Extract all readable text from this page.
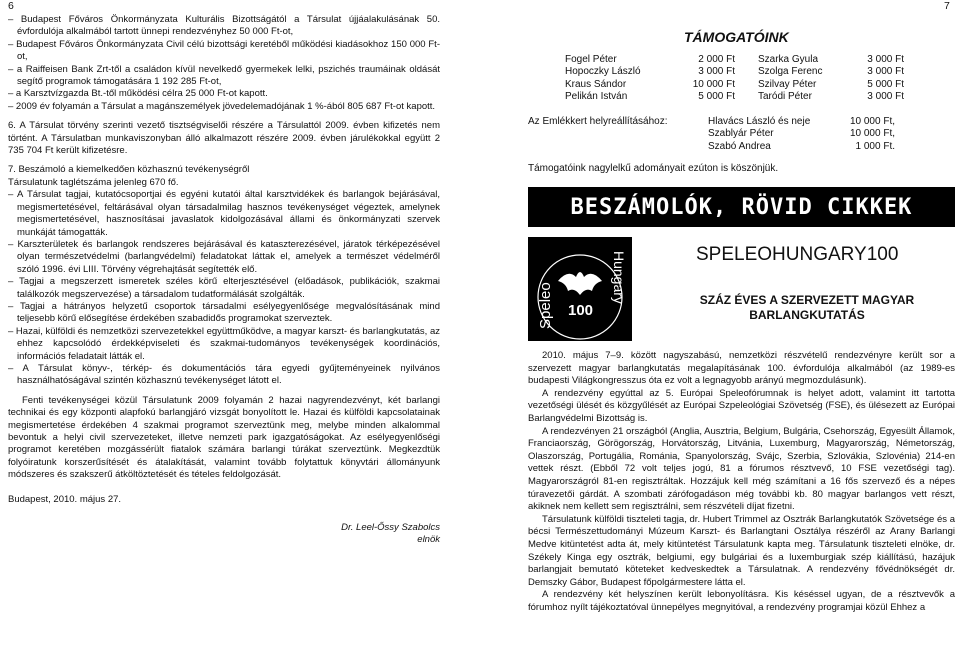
6

– Budapest Főváros Önkormányzata Kulturális Bizottságától a Társulat újjáalakulásának 50. évfordulója alkalmából tartott ünnepi rendezvényhez 50 000 Ft-ot,

– Budapest Főváros Önkormányzata Civil célú bizottsági keretéből működési kiadásokhoz 150 000 Ft-ot,

– a Raiffeisen Bank Zrt-től a családon kívül nevelkedő gyermekek lelki, pszichés traumáinak oldását segítő programok támogatására 1 192 285 Ft-ot,

– a Karsztvízgazda Bt.-től működési célra 25 000 Ft-ot kapott.

– 2009 év folyamán a Társulat a magánszemélyek jövedelemadójának 1 %-ából 805 687 Ft-ot kapott.

6. A Társulat törvény szerinti vezető tisztségviselői részére a Társulattól 2009. évben kifizetés nem történt. A Társulatban munkaviszonyban álló alkalmazott részére 2009. évben járulékokkal együtt 2 735 704 Ft került kifizetésre.

7. Beszámoló a kiemelkedően közhasznú tevékenységről

Társulatunk taglétszáma jelenleg 670 fő.

– A Társulat tagjai, kutatócsoportjai és egyéni kutatói által karsztvidékek és barlangok bejárásával, megismertetésével, feltárásával olyan társadalmilag hasznos tevékenységet végeztek, amelynek megismertetésével, hasznosításai javaslatok kidolgozásával állami és önkormányzati szervek munkáját támogatták.

– Karszterületek és barlangok rendszeres bejárásával és kataszterezésével, járatok térképezésével olyan természetvédelmi (barlangvédelmi) feladatokat láttak el, amelyek a természet védelméről szóló 1996. évi LIII. Törvény végrehajtását segítették elő.

– Tagjai a megszerzett ismeretek széles körű elterjesztésével (előadások, publikációk, szakmai találkozók megszervezése) a társadalom tudatformálását szolgálták.

– Tagjai a hátrányos helyzetű csoportok társadalmi esélyegyenlősége megvalósításának mind teljesebb körű elősegítése érdekében szabadidős programokat szerveztek.

– Hazai, külföldi és nemzetközi szervezetekkel együttműködve, a magyar karszt- és barlangkutatás, az ehhez kapcsolódó érdekképviseleti és szakmai-tudományos tevékenységek koordinációs, információs feladatait látták el.

– A Társulat könyv-, térkép- és dokumentációs tára egyedi gyűjteményeinek nyilvános használhatóságával szintén közhasznú tevékenységet látott el.

Fenti tevékenységei közül Társulatunk 2009 folyamán 2 hazai nagyrendezvényt, két barlangi technikai és egy központi alapfokú barlangjáró vizsgát bonyolított le. Hazai és külföldi kapcsolatainak megismertetése érdekében 4 szakmai programot szerveztünk meg, melybe minden alkalommal bevontuk a helyi civil szervezeteket, illetve nemzeti park igazgatóságokat. Az esélyegyenlőségi programot keretében mozgássérült fiatalok számára barlangi túrákat szerveztünk. Megkezdtük folyóiratunk korszerűsítését és átalakítását, valamint tovább folytattuk könyvtári állományunk módszeres és szakszerű átköltöztetését és tételes feldolgozását.

Budapest, 2010. május 27.
Dr. Leel-Őssy Szabolcs
elnök
7
TÁMOGATÓINK
Fogel Péter	2 000 Ft		Szarka Gyula	3 000 Ft
Hopoczky László	3 000 Ft		Szolga Ferenc	3 000 Ft
Kraus Sándor	10 000 Ft		Szilvay Péter	5 000 Ft
Pelikán István	5 000 Ft		Taródi Péter	3 000 Ft
Az Emlékkert helyreállításához:	Hlavács László és neje	10 000 Ft,
	Szablyár Péter	10 000 Ft,
	Szabó Andrea	1 000 Ft.
Támogatóink nagylelkű adományait ezúton is köszönjük.
BESZÁMOLÓK, RÖVID CIKKEK
Speleo
Hungary
100
SPELEOHUNGARY100
SZÁZ ÉVES A SZERVEZETT MAGYAR BARLANGKUTATÁS

2010. május 7–9. között nagyszabású, nemzetközi részvételű rendezvényre került sor a szervezett magyar barlangkutatás megalapításának 100. évfordulója alkalmából (az 1989-es budapesti Világkongresszus óta ez volt a legnagyobb arányú megmozdulásunk).

A rendezvény egyúttal az 5. Európai Speleofórumnak is helyet adott, valamint itt tartotta vezetőségi ülését és közgyűlését az Európai Szpeleológiai Szövetség (FSE), és ülésezett az Európai Barlangvédelmi Bizottság is.

A rendezvényen 21 országból (Anglia, Ausztria, Belgium, Bulgária, Csehország, Egyesült Államok, Franciaország, Görögország, Horvátország, Litvánia, Luxemburg, Magyarország, Németország, Olaszország, Portugália, Románia, Spanyolország, Svájc, Szerbia, Szlovákia, Szlovénia) 214-en vettek részt. (Ebből 72 volt teljes jogú, 81 a fórumos résztvevő, 10 FSE vezetőségi tag). Magyarországról 81-en regisztráltak. Hozzájuk kell még számítani a 16 fős szervező és a népes túravezetői gárdát. A szombati zárófogadáson még további kb. 80 magyar barlangos vett részt, akiknek nem kellett sem regisztrálni, sem részvételi díjat fizetni.

Társulatunk külföldi tiszteleti tagja, dr. Hubert Trimmel az Osztrák Barlangkutatók Szövetsége és a bécsi Természettudományi Múzeum Karszt- és Barlangtani Osztálya részéről az Arany Barlangi Medve kitüntetést adta át, mely kitüntetést Társulatunk kapta meg. Társulatunk tiszteleti elnöke, dr. Székely Kinga egy osztrák, belgiumi, egy bulgáriai és a luxemburgiak szép kiállítású, hazájuk barlangjait bemutató köteteket kedveskedtek a Társulatnak. A rendezvény fővédnökségét dr. Demszky Gábor, Budapest főpolgármestere látta el.

A rendezvény két helyszínen került lebonyolításra. Kis késéssel ugyan, de a résztvevők a fórumhoz nyílt tájékoztatóval ünnepélyes megnyitóval, a rendezvény programjai közül Ehhez a
